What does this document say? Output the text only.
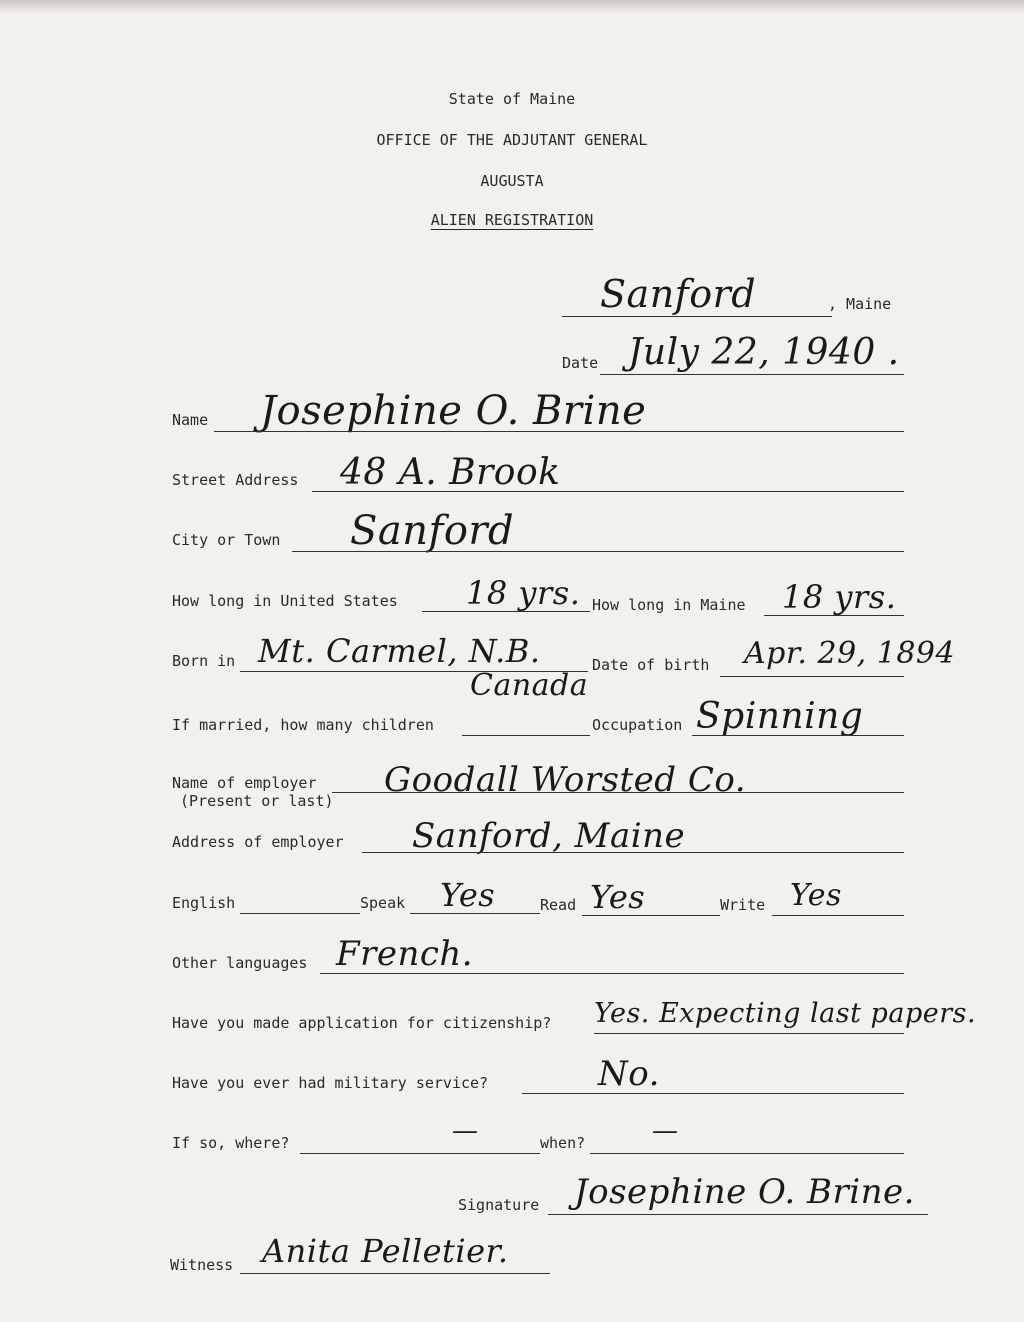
State of Maine
OFFICE OF THE ADJUTANT GENERAL
AUGUSTA
ALIEN REGISTRATION
Sanford	, Maine
Date July 22, 1940 .
Name Josephine O. Brine
Street Address 48 A. Brook
City or Town Sanford
How long in United States 18 yrs. How long in Maine 18 yrs.
Born in Mt. Carmel, N.B.
Canada
Date of birth Apr. 29, 1894
If married, how many children	Occupation Spinning
Name of employer
(Present or last)
Goodall Worsted Co.
Address of employer Sanford, Maine
English	Speak Yes	Read Yes	Write Yes
Other languages French.
Have you made application for citizenship? Yes. Expecting last papers.
Have you ever had military service?	No.
If so, where?	—	when?	—
Signature Josephine O. Brine.
Witness Anita Pelletier.
